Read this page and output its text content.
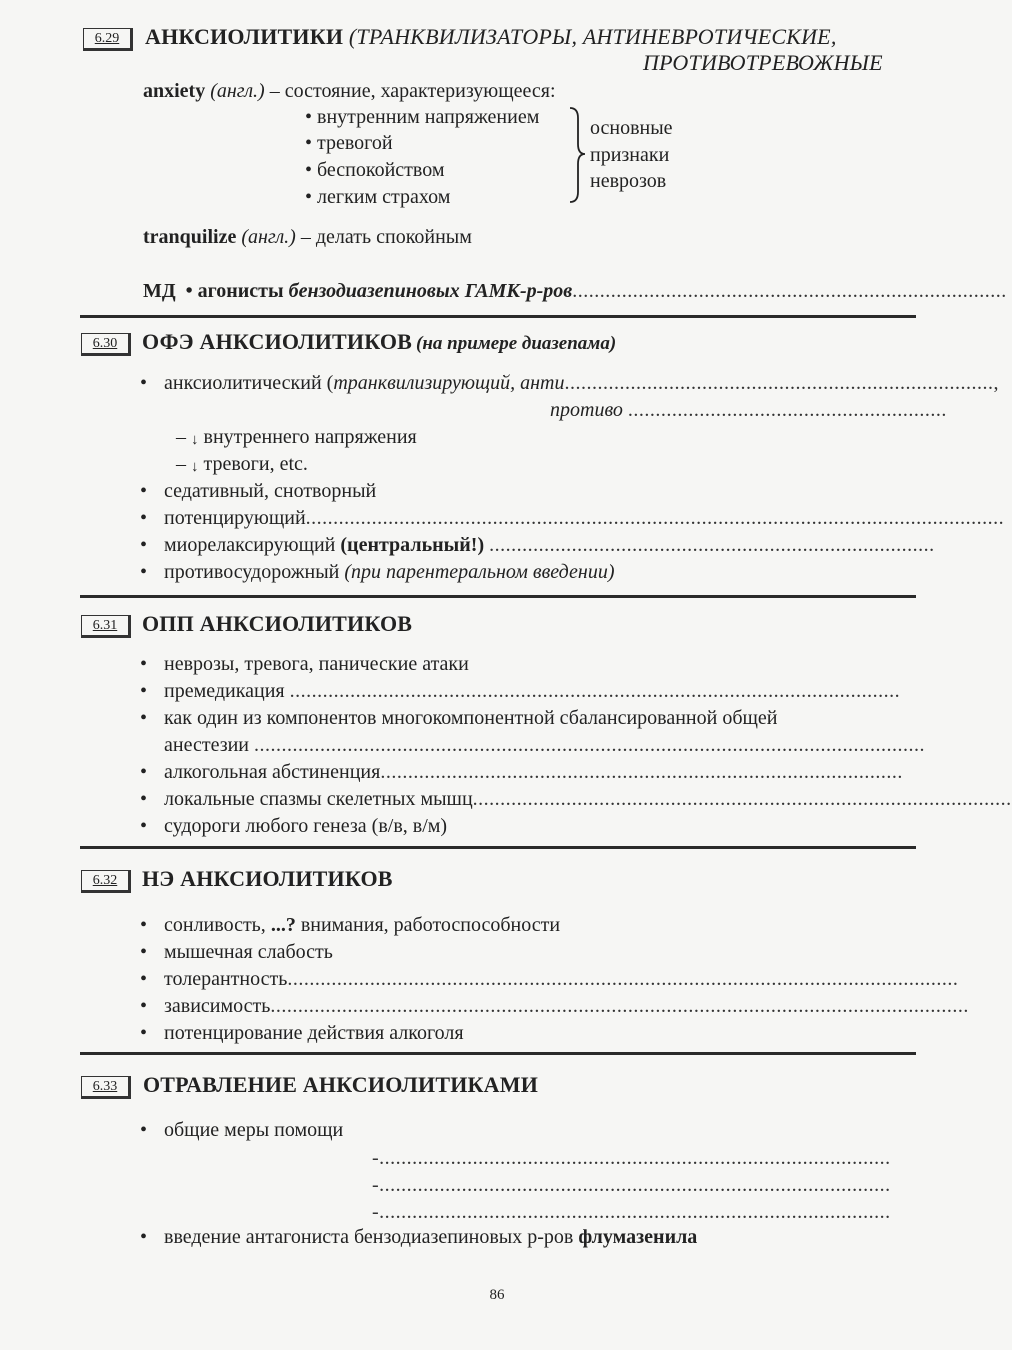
6.29	АНКСИОЛИТИКИ (ТРАНКВИЛИЗАТОРЫ, АНТИНЕВРОТИЧЕСКИЕ,
ПРОТИВОТРЕВОЖНЫЕ
anxiety (англ.) – состояние, характеризующееся:
• внутренним напряжением
• тревогой
• беспокойством
• легким страхом
основные
признаки
неврозов
tranquilize (англ.) – делать спокойным
МД • агонисты бензодиазепиновых ГАМК-р-ров...............................................................................
6.30	ОФЭ АНКСИОЛИТИКОВ (на примере диазепама)
• анксиолитический (транквилизирующий, анти..............................................................................,
противо ..........................................................
– ↓ внутреннего напряжения
– ↓ тревоги, etc.
• седативный, снотворный
• потенцирующий...............................................................................................................................
• миорелаксирующий (центральный!) .................................................................................
• противосудорожный (при парентеральном введении)
6.31	ОПП АНКСИОЛИТИКОВ
• неврозы, тревога, панические атаки
• премедикация ...............................................................................................................
• как один из компонентов многокомпонентной сбалансированной общей
анестезии ..........................................................................................................................
• алкогольная абстиненция...............................................................................................
• локальные спазмы скелетных мышц..................................................................................................
• судороги любого генеза (в/в, в/м)
6.32	НЭ АНКСИОЛИТИКОВ
• сонливость, ...? внимания, работоспособности
• мышечная слабость
• толерантность..........................................................................................................................
• зависимость...............................................................................................................................
• потенцирование действия алкоголя
6.33	ОТРАВЛЕНИЕ АНКСИОЛИТИКАМИ
• общие меры помощи
-.............................................................................................
-.............................................................................................
-.............................................................................................
• введение антагониста бензодиазепиновых р-ров флумазенила
86
